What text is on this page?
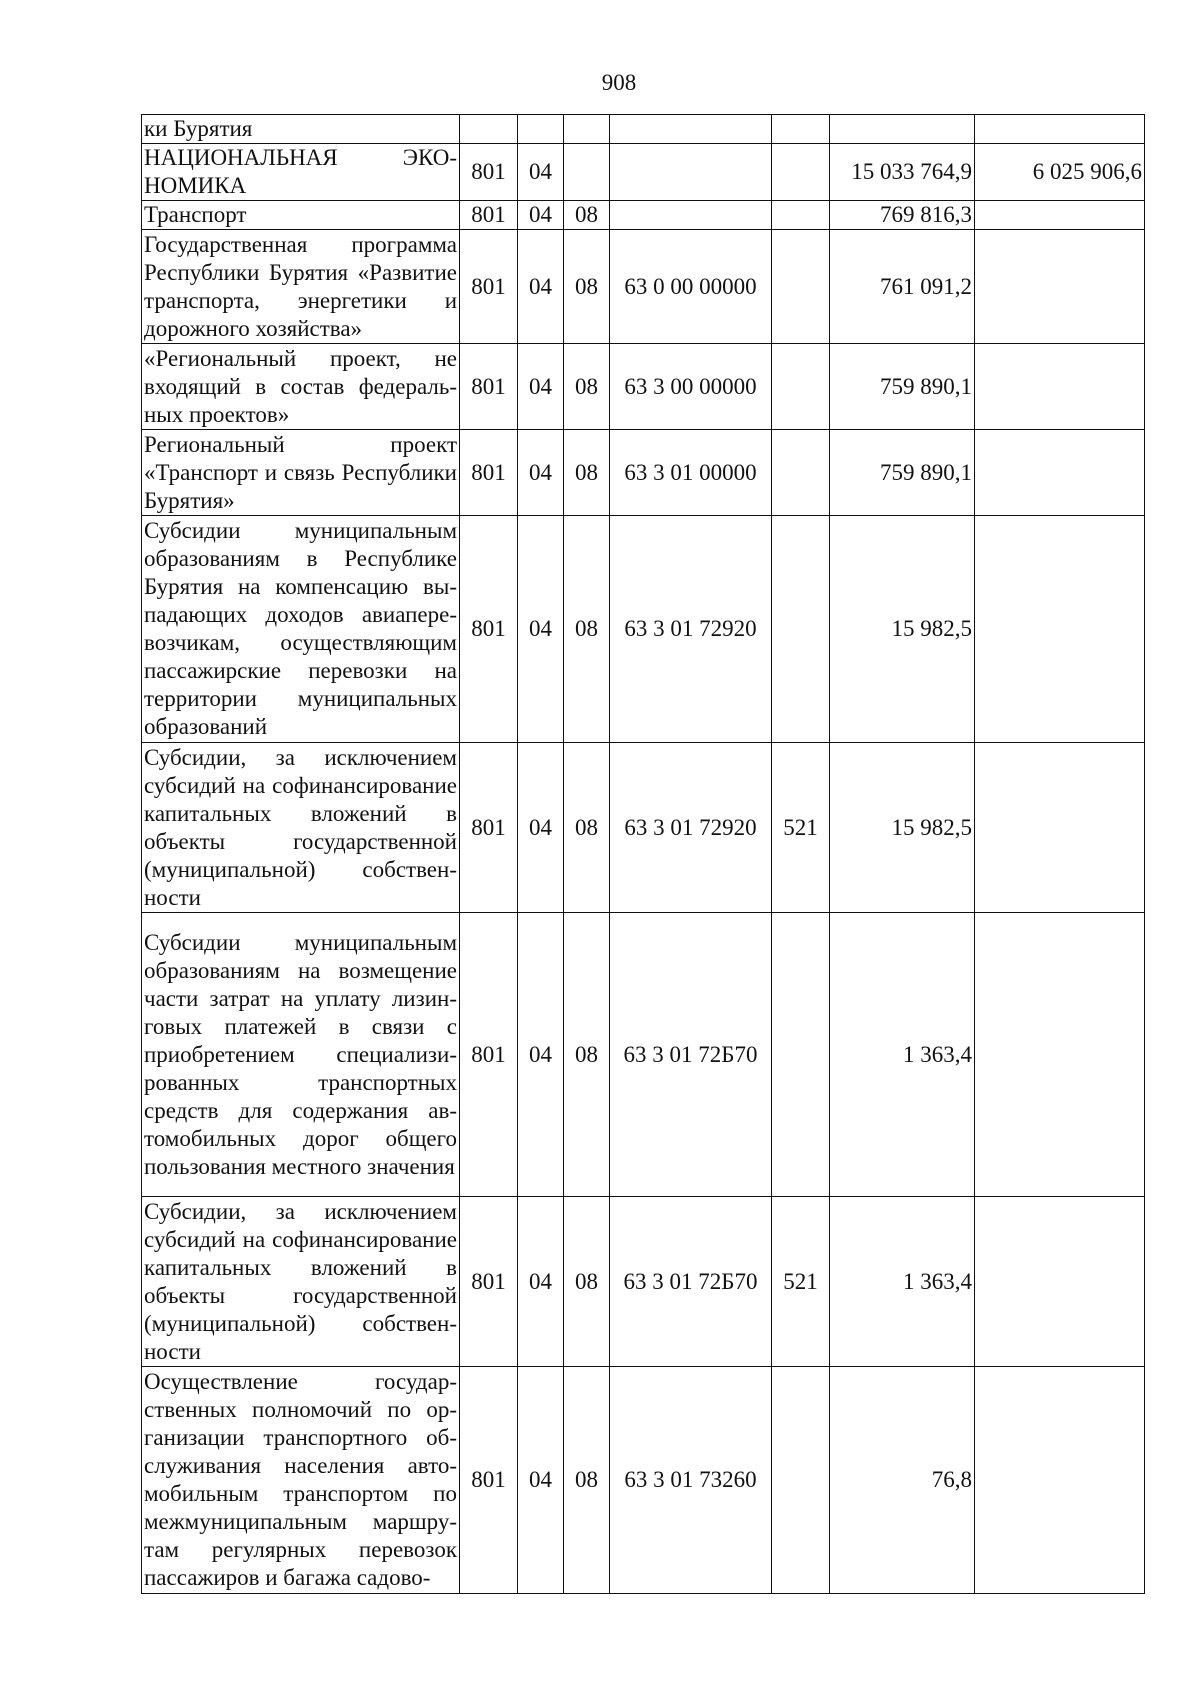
908
ки Бурятия							
НАЦИОНАЛЬНАЯ ЭКОНОМИКА	801	04				15 033 764,9	6 025 906,6
Транспорт	801	04	08			769 816,3	
Государственная программа Республики Бурятия «Развитие транспорта, энергетики и дорожного хозяйства»	801	04	08	63 0 00 00000		761 091,2	
«Региональный проект, не входящий в состав федеральных проектов»	801	04	08	63 3 00 00000		759 890,1	
Региональный проект «Транспорт и связь Республики Бурятия»	801	04	08	63 3 01 00000		759 890,1	
Субсидии муниципальным образованиям в Республике Бурятия на компенсацию выпадающих доходов авиаперевозчикам, осуществляющим пассажирские перевозки на территории муниципальных образований	801	04	08	63 3 01 72920		15 982,5	
Субсидии, за исключением субсидий на софинансирование капитальных вложений в объекты государственной (муниципальной) собственности	801	04	08	63 3 01 72920	521	15 982,5	
Субсидии муниципальным образованиям на возмещение части затрат на уплату лизинговых платежей в связи с приобретением специализированных транспортных средств для содержания автомобильных дорог общего пользования местного значения	801	04	08	63 3 01 72Б70		1 363,4	
Субсидии, за исключением субсидий на софинансирование капитальных вложений в объекты государственной (муниципальной) собственности	801	04	08	63 3 01 72Б70	521	1 363,4	
Осуществление государственных полномочий по организации транспортного обслуживания населения автомобильным транспортом по межмуниципальным маршрутам регулярных перевозок пассажиров и багажа садово-	801	04	08	63 3 01 73260		76,8	
